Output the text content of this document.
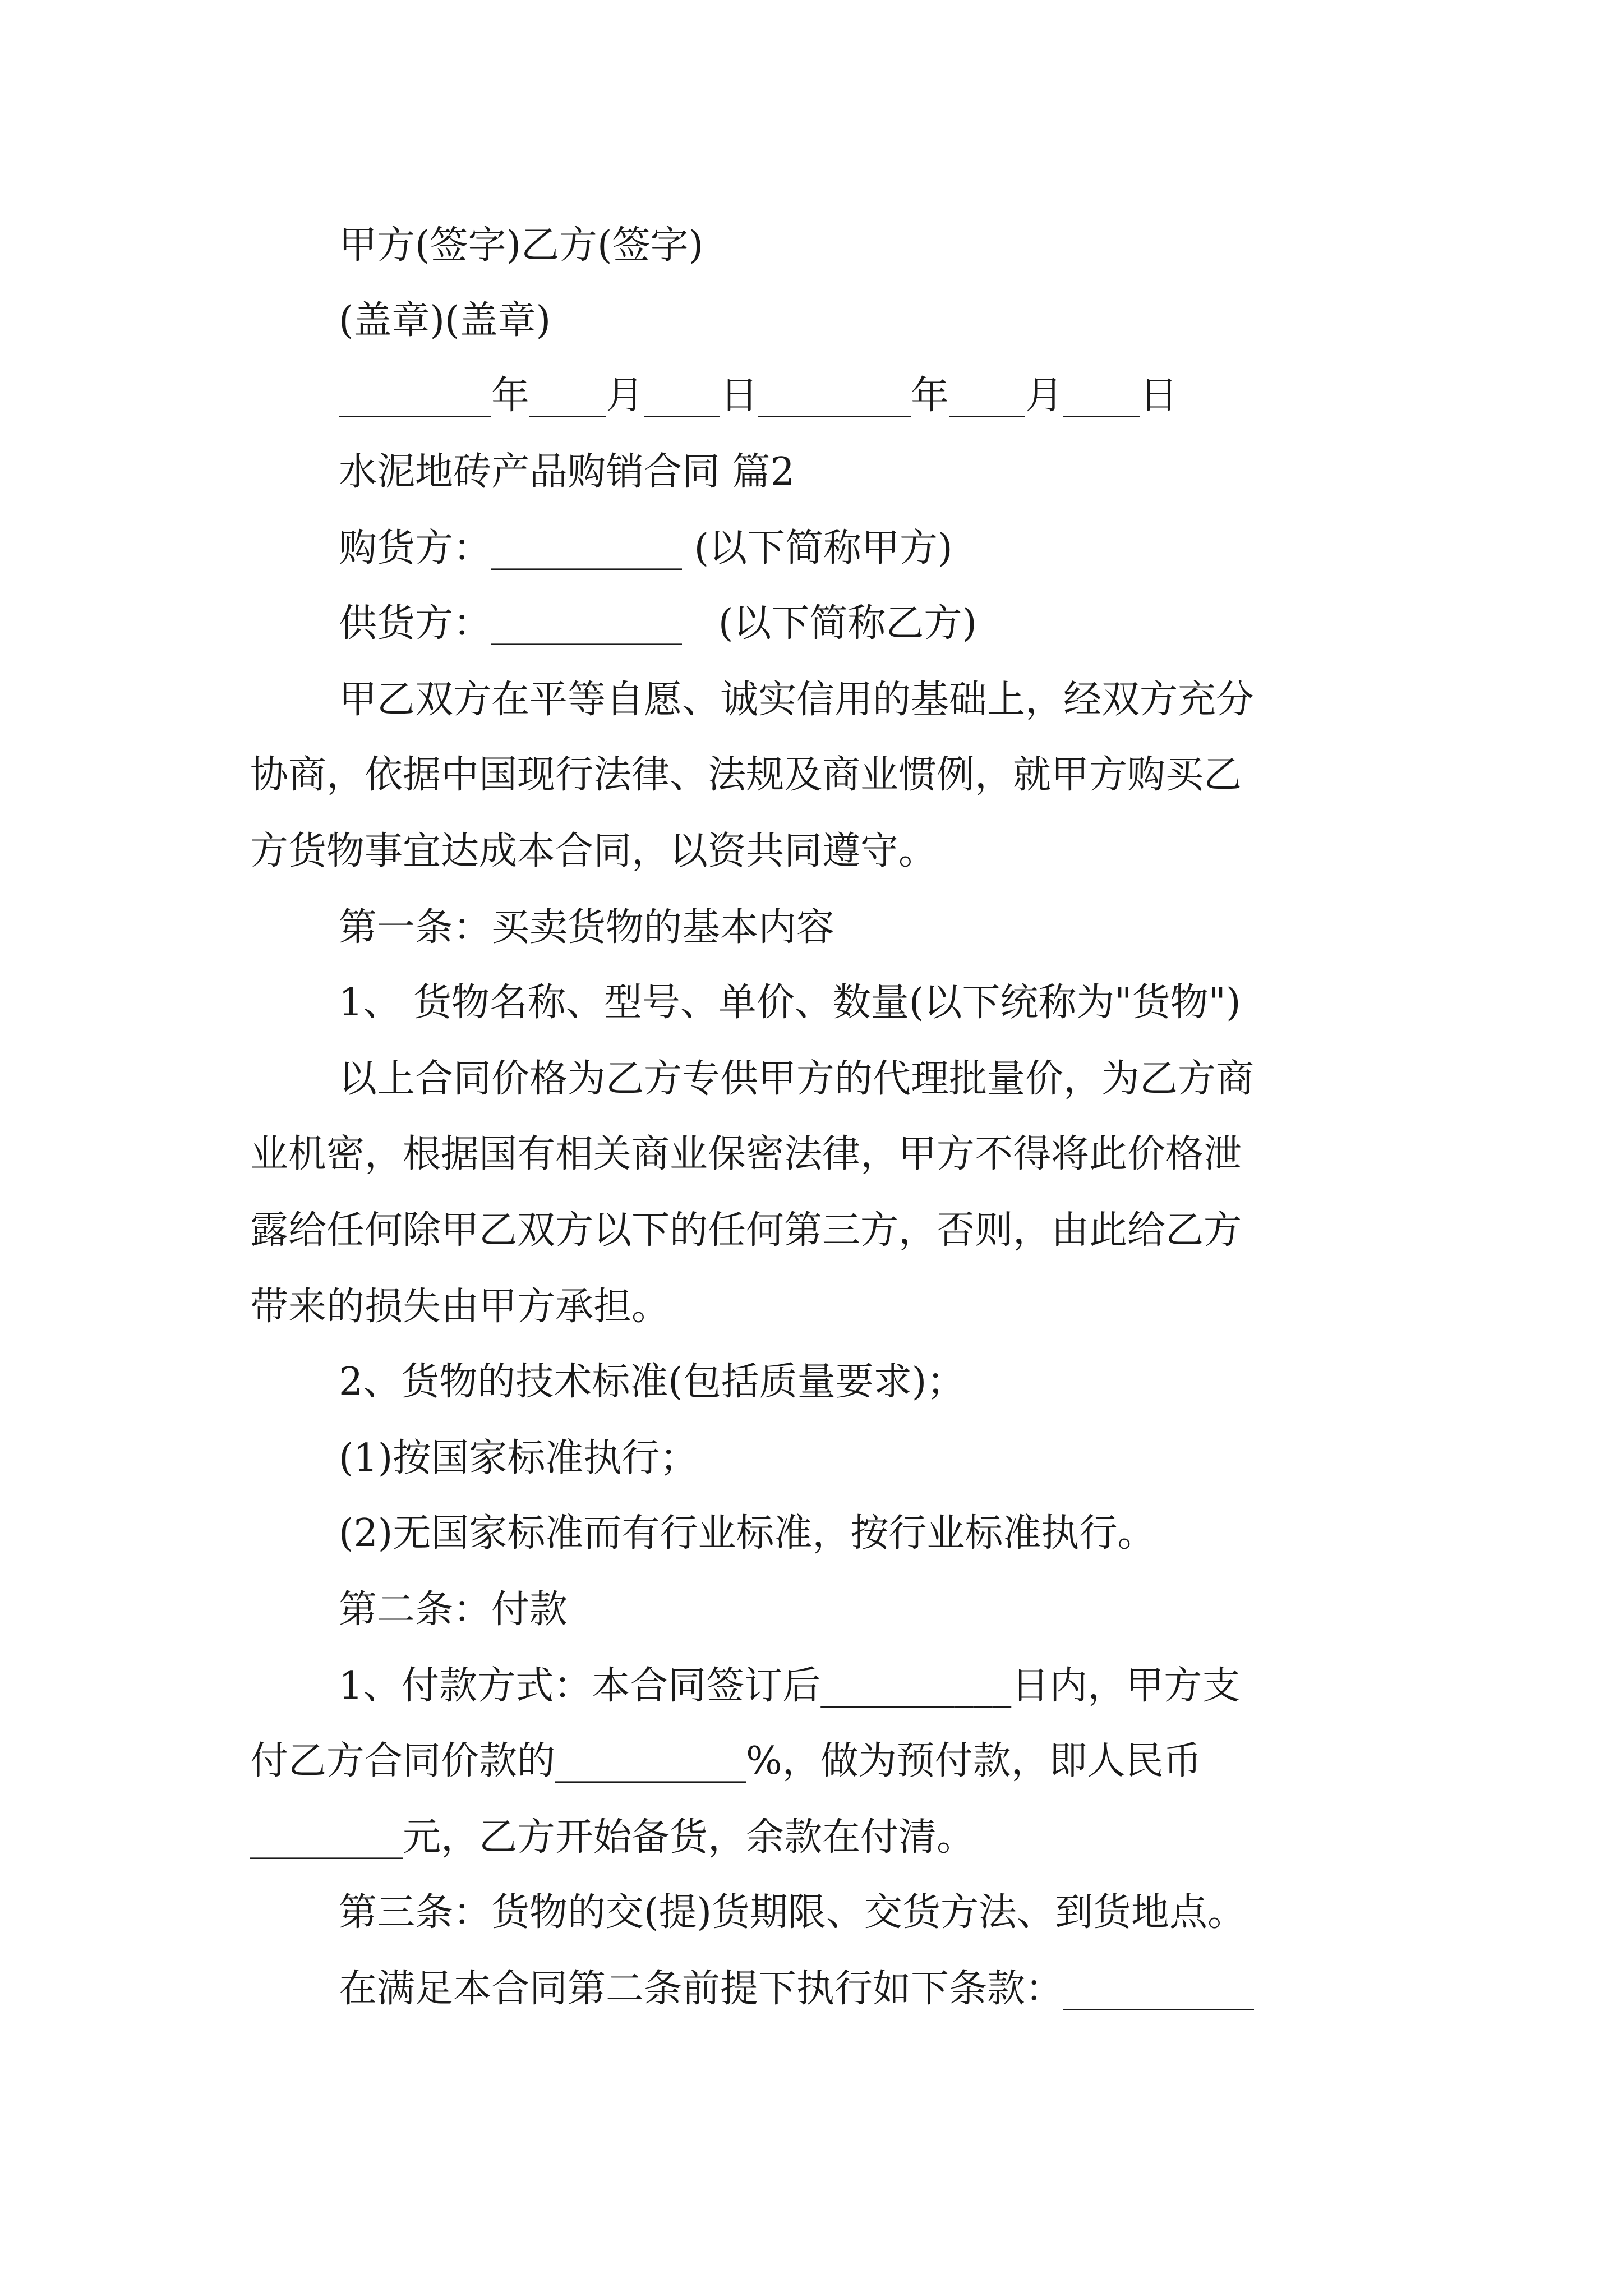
甲方(签字)乙方(签字)
(盖章)(盖章)
________年____月____日________年____月____日
水泥地砖产品购销合同 篇2
购货方：__________ (以下简称甲方)
供货方：__________   (以下简称乙方)
甲乙双方在平等自愿、诚实信用的基础上，经双方充分
协商，依据中国现行法律、法规及商业惯例，就甲方购买乙
方货物事宜达成本合同，以资共同遵守。
第一条：买卖货物的基本内容
1、 货物名称、型号、单价、数量(以下统称为"货物")
以上合同价格为乙方专供甲方的代理批量价，为乙方商
业机密，根据国有相关商业保密法律，甲方不得将此价格泄
露给任何除甲乙双方以下的任何第三方，否则，由此给乙方
带来的损失由甲方承担。
2、货物的技术标准(包括质量要求)；
(1)按国家标准执行；
(2)无国家标准而有行业标准，按行业标准执行。
第二条：付款
1、付款方式：本合同签订后__________日内，甲方支
付乙方合同价款的__________%，做为预付款，即人民币
________元，乙方开始备货，余款在付清。
第三条：货物的交(提)货期限、交货方法、到货地点。
在满足本合同第二条前提下执行如下条款：__________
